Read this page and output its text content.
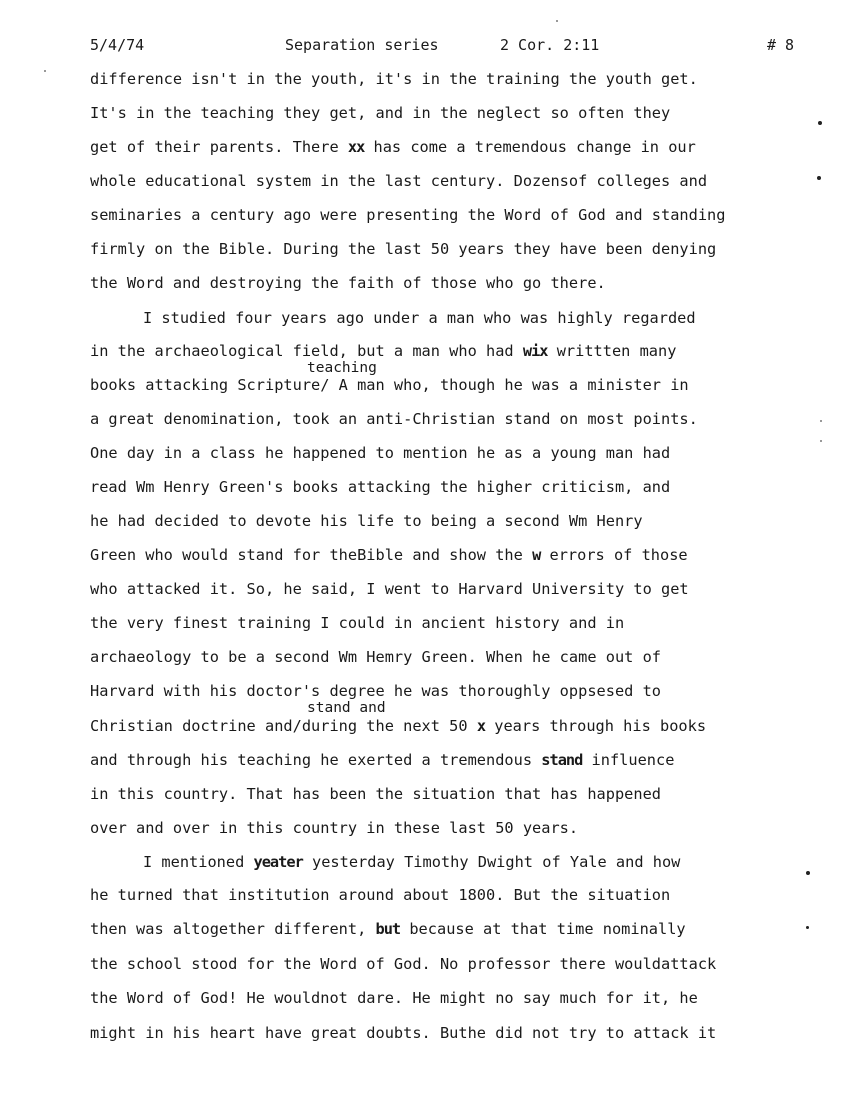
5/4/74	Separation series	2 Cor. 2:11	# 8
difference isn't in the youth, it's in the training the youth get.
It's in the teaching they get, and in the neglect so often they
get of their parents. There xx has come a tremendous change in our
whole educational system in the last century. Dozensof colleges and
seminaries a century ago were presenting the Word of God and standing
firmly on the Bible. During the last 50 years they have been denying
the Word and destroying the faith of those who go there.
I studied four years ago under a man who was highly regarded
in the archaeological field, but a man who had wix writtten many
teaching
books attacking Scripture/ A man who, though he was a minister in
a great denomination, took an anti-Christian stand on most points.
One day in a class he happened to mention he as a young man had
read Wm Henry Green's books attacking the higher criticism, and
he had decided to devote his life to being a second Wm Henry
Green who would stand for theBible and show the w errors of those
who attacked it. So, he said, I went to Harvard University to get
the very finest training I could in ancient history and in
archaeology to be a second Wm Hemry Green. When he came out of
Harvard with his doctor's degree he was thoroughly oppsesed to
stand and
Christian doctrine and/during the next 50 x years through his books
and through his teaching he exerted a tremendous stand influence
in this country. That has been the situation that has happened
over and over in this country in these last 50 years.
I mentioned yeater yesterday Timothy Dwight of Yale and how
he turned that institution around about 1800. But the situation
then was altogether different, but because at that time nominally
the school stood for the Word of God. No professor there wouldattack
the Word of God! He wouldnot dare. He might no say much for it, he
might in his heart have great doubts. Buthe did not try to attack it
